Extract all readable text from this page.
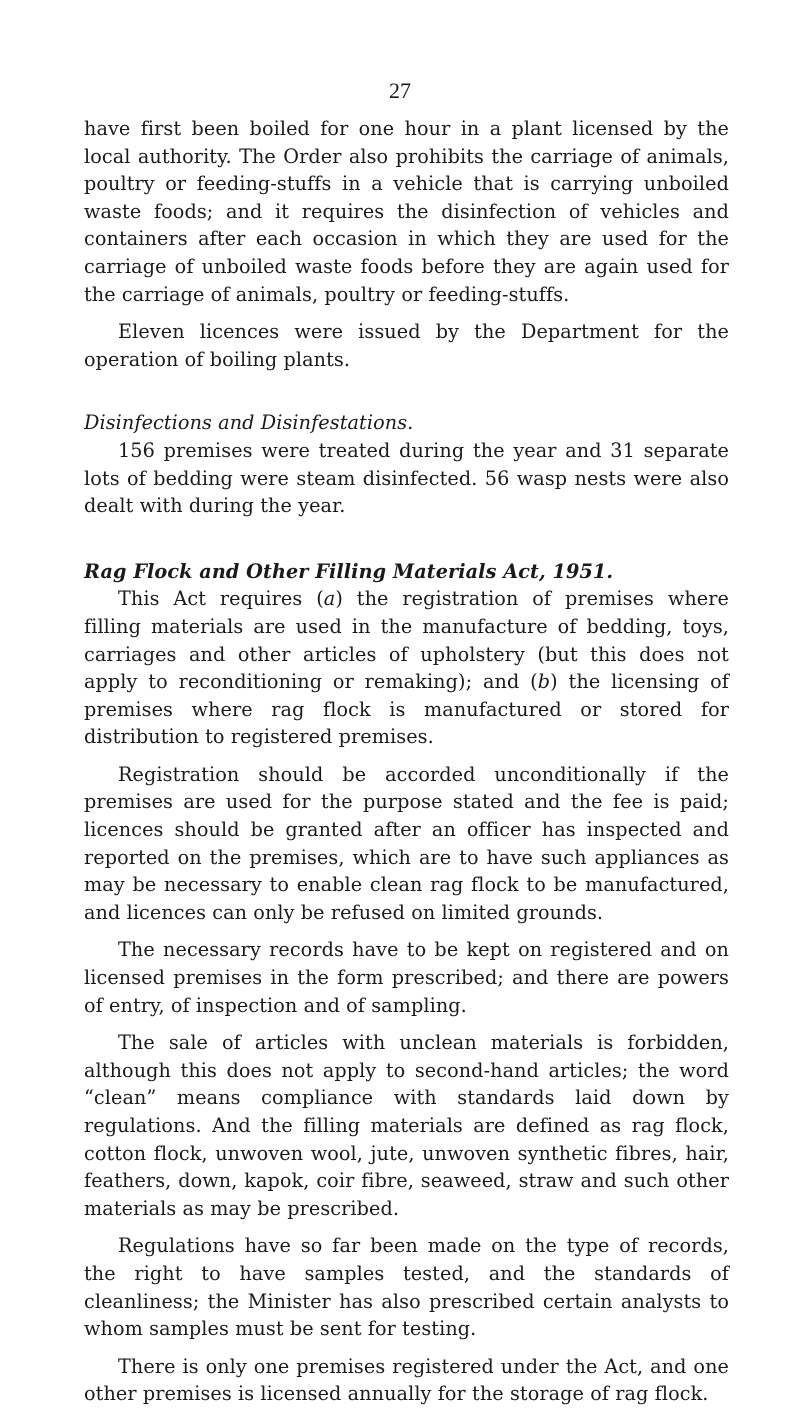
27

have first been boiled for one hour in a plant licensed by the local authority. The Order also prohibits the carriage of animals, poultry or feeding-stuffs in a vehicle that is carrying unboiled waste foods; and it requires the disinfection of vehicles and containers after each occasion in which they are used for the carriage of unboiled waste foods before they are again used for the carriage of animals, poultry or feeding-stuffs.

Eleven licences were issued by the Department for the operation of boiling plants.

Disinfections and Disinfestations.

156 premises were treated during the year and 31 separate lots of bedding were steam disinfected. 56 wasp nests were also dealt with during the year.

Rag Flock and Other Filling Materials Act, 1951.

This Act requires (a) the registration of premises where filling materials are used in the manufacture of bedding, toys, carriages and other articles of upholstery (but this does not apply to reconditioning or remaking); and (b) the licensing of premises where rag flock is manufactured or stored for distribution to registered premises.

Registration should be accorded unconditionally if the premises are used for the purpose stated and the fee is paid; licences should be granted after an officer has inspected and reported on the premises, which are to have such appliances as may be necessary to enable clean rag flock to be manufactured, and licences can only be refused on limited grounds.

The necessary records have to be kept on registered and on licensed premises in the form prescribed; and there are powers of entry, of inspection and of sampling.

The sale of articles with unclean materials is forbidden, although this does not apply to second-hand articles; the word “clean” means compliance with standards laid down by regulations. And the filling materials are defined as rag flock, cotton flock, unwoven wool, jute, unwoven synthetic fibres, hair, feathers, down, kapok, coir fibre, seaweed, straw and such other materials as may be prescribed.

Regulations have so far been made on the type of records, the right to have samples tested, and the standards of cleanliness; the Minister has also prescribed certain analysts to whom samples must be sent for testing.

There is only one premises registered under the Act, and one other premises is licensed annually for the storage of rag flock.
